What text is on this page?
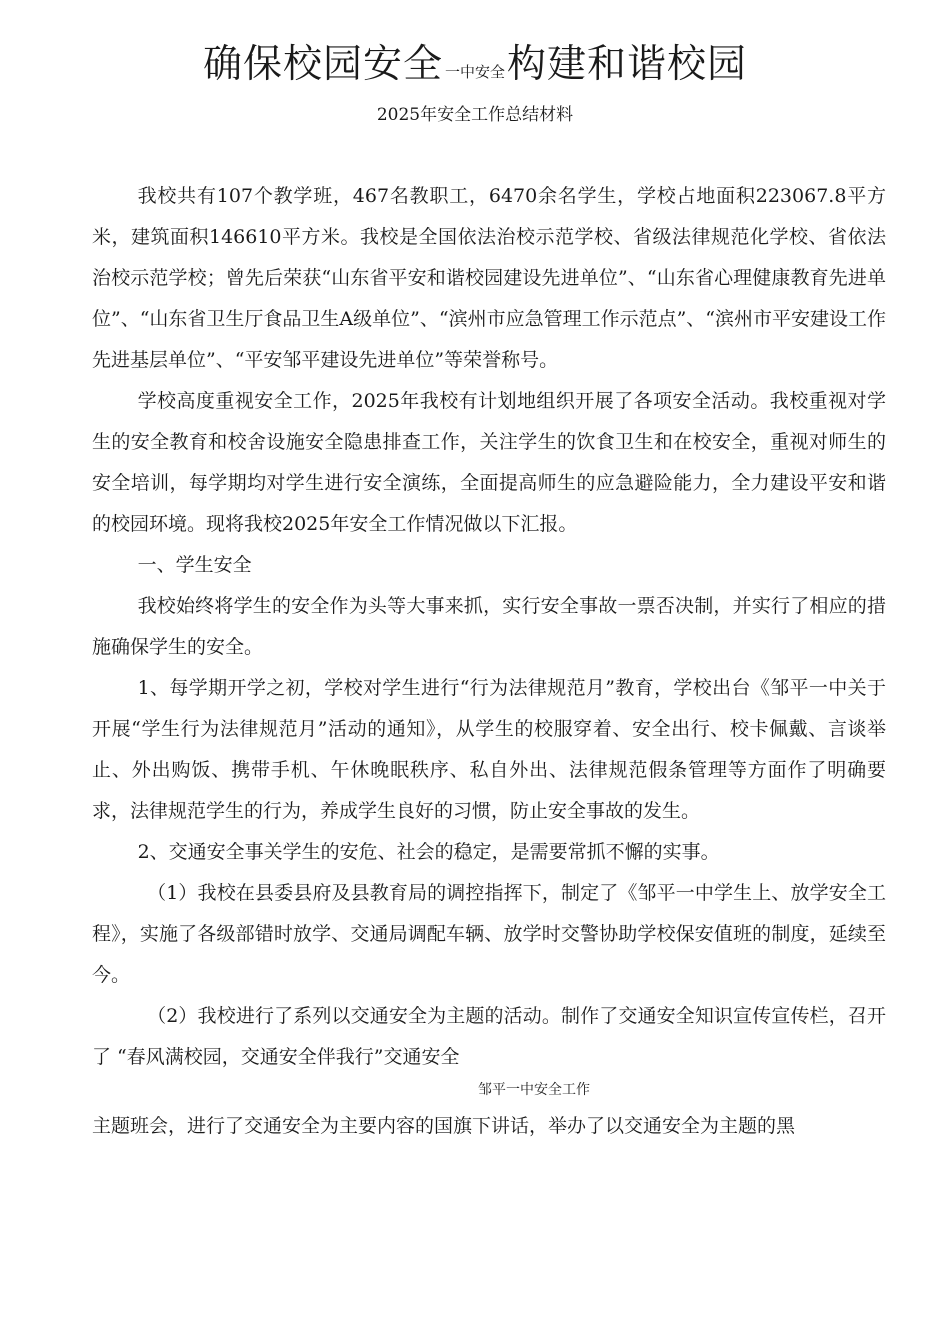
确保校园安全 一中安全构建和谐校园
2025年安全工作总结材料

我校共有107个教学班，467名教职工，6470余名学生，学校占地面积223067.8平方米，建筑面积146610平方米。我校是全国依法治校示范学校、省级法律规范化学校、省依法治校示范学校；曾先后荣获“山东省平安和谐校园建设先进单位”、“山东省心理健康教育先进单位”、“山东省卫生厅食品卫生A级单位”、“滨州市应急管理工作示范点”、“滨州市平安建设工作先进基层单位”、“平安邹平建设先进单位”等荣誉称号。

学校高度重视安全工作，2025年我校有计划地组织开展了各项安全活动。我校重视对学生的安全教育和校舍设施安全隐患排查工作，关注学生的饮食卫生和在校安全，重视对师生的安全培训，每学期均对学生进行安全演练，全面提高师生的应急避险能力，全力建设平安和谐的校园环境。现将我校2025年安全工作情况做以下汇报。

一、学生安全

我校始终将学生的安全作为头等大事来抓，实行安全事故一票否决制，并实行了相应的措施确保学生的安全。

1、每学期开学之初，学校对学生进行“行为法律规范月”教育，学校出台《邹平一中关于开展“学生行为法律规范月”活动的通知》，从学生的校服穿着、安全出行、校卡佩戴、言谈举止、外出购饭、携带手机、午休晚眠秩序、私自外出、法律规范假条管理等方面作了明确要求，法律规范学生的行为，养成学生良好的习惯，防止安全事故的发生。

2、交通安全事关学生的安危、社会的稳定，是需要常抓不懈的实事。

（1）我校在县委县府及县教育局的调控指挥下，制定了《邹平一中学生上、放学安全工程》，实施了各级部错时放学、交通局调配车辆、放学时交警协助学校保安值班的制度，延续至今。

（2）我校进行了系列以交通安全为主题的活动。制作了交通安全知识宣传宣传栏，召开了 “春风满校园，交通安全伴我行”交通安全

邹平一中安全工作

主题班会，进行了交通安全为主要内容的国旗下讲话，举办了以交通安全为主题的黑
